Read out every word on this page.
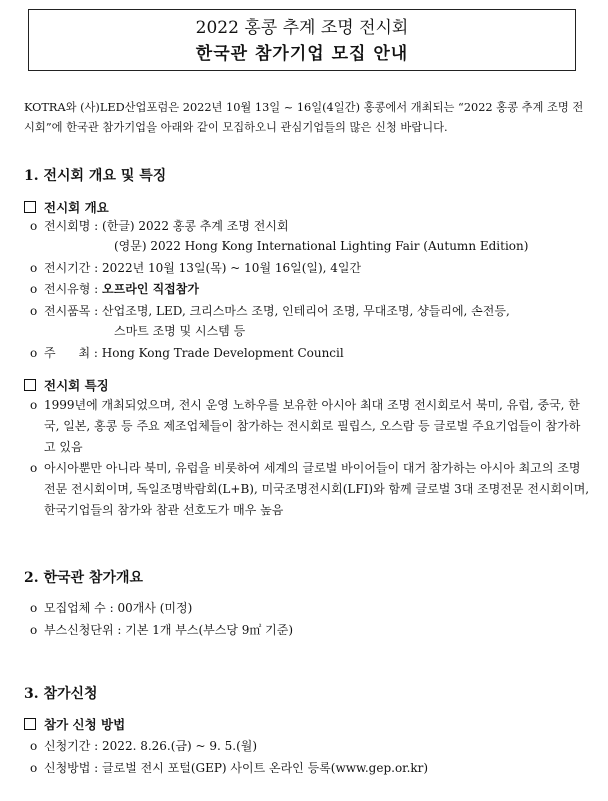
2022 홍콩 추계 조명 전시회
한국관 참가기업 모집 안내
KOTRA와 (사)LED산업포럼은 2022년 10월 13일 ~ 16일(4일간) 홍콩에서 개최되는 “2022 홍콩 추계 조명 전시회”에 한국관 참가기업을 아래와 같이 모집하오니 관심기업들의 많은 신청 바랍니다.
1. 전시회 개요 및 특징
전시회 개요
o 전시회명 : (한글) 2022 홍콩 추계 조명 전시회
(영문) 2022 Hong Kong International Lighting Fair (Autumn Edition)
o 전시기간 : 2022년 10월 13일(목) ~ 10월 16일(일), 4일간
o 전시유형 : 오프라인 직접참가
o 전시품목 : 산업조명, LED, 크리스마스 조명, 인테리어 조명, 무대조명, 샹들리에, 손전등,
스마트 조명 및 시스템 등
o 주      최 : Hong Kong Trade Development Council
전시회 특징
o 1999년에 개최되었으며, 전시 운영 노하우를 보유한 아시아 최대 조명 전시회로서 북미, 유럽, 중국, 한국, 일본, 홍콩 등 주요 제조업체들이 참가하는 전시회로 필립스, 오스람 등 글로벌 주요기업들이 참가하고 있음
o 아시아뿐만 아니라 북미, 유럽을 비롯하여 세계의 글로벌 바이어들이 대거 참가하는 아시아 최고의 조명전문 전시회이며, 독일조명박람회(L+B), 미국조명전시회(LFI)와 함께 글로벌 3대 조명전문 전시회이며, 한국기업들의 참가와 참관 선호도가 매우 높음
2. 한국관 참가개요
o 모집업체 수 : 00개사 (미정)
o 부스신청단위 : 기본 1개 부스(부스당 9㎡ 기준)
3. 참가신청
참가 신청 방법
o 신청기간 : 2022. 8.26.(금) ~ 9. 5.(월)
o 신청방법 : 글로벌 전시 포털(GEP) 사이트 온라인 등록(www.gep.or.kr)
